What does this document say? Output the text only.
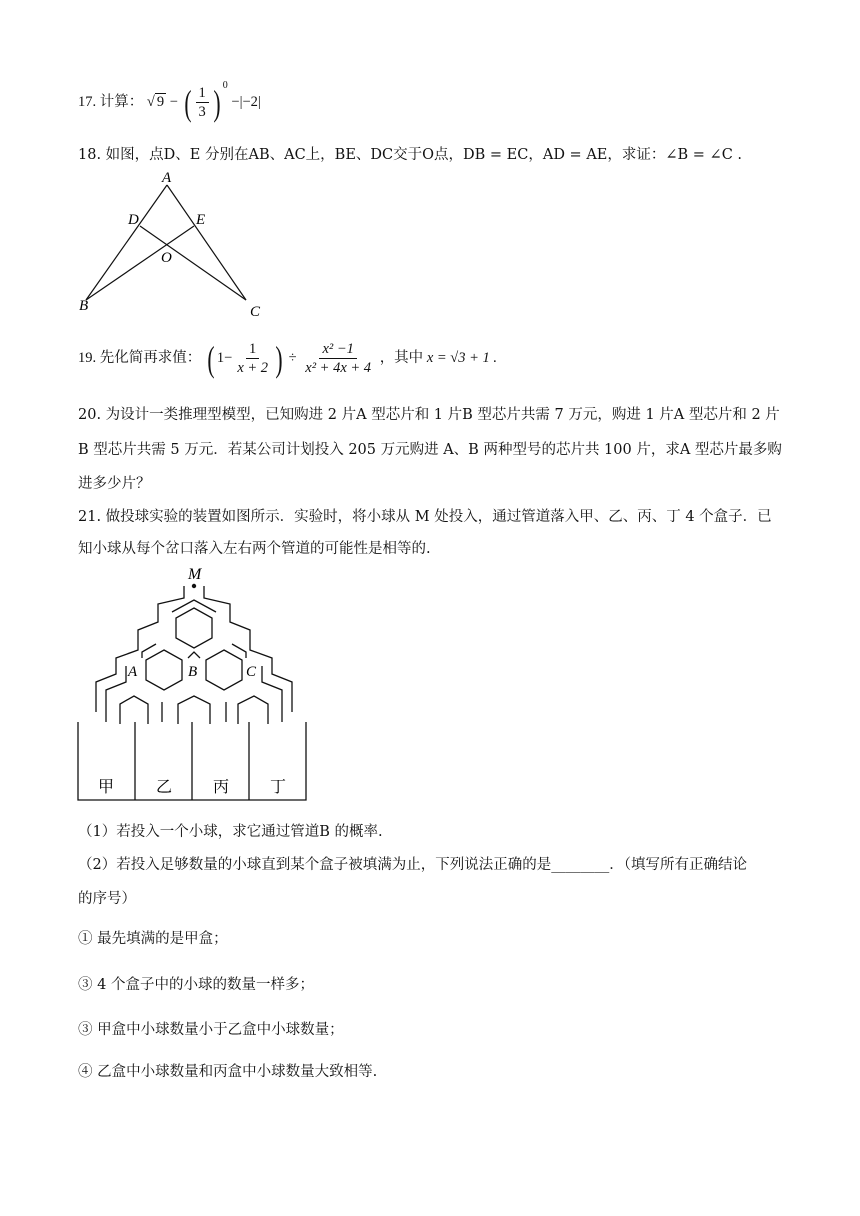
17. 计算： √ 9 − ( $\frac{1}{3}$ ) $^0$ −|−2|
18. 如图，点D、E 分别在AB、AC上，BE、DC交于O点，DB = EC，AD = AE，求证：∠B = ∠C .
A
D	E
O
B	C
19. 先化简再求值： ( $1- \frac{1}{x + 2}$ ) ÷ $\frac{\text{x² −1}}{\text{x² + 4x + 4}}$ ，其中 x = √3 + 1 .
20. 为设计一类推理型模型，已知购进 2 片A 型芯片和 1 片B 型芯片共需 7 万元，购进 1 片A 型芯片和 2 片
B 型芯片共需 5 万元．若某公司计划投入 205 万元购进 A、B 两种型号的芯片共 100 片，求A 型芯片最多购
进多少片？
21. 做投球实验的装置如图所示．实验时，将小球从 M 处投入，通过管道落入甲、乙、丙、丁 4 个盒子．已
知小球从每个岔口落入左右两个管道的可能性是相等的.
M
A	B	C
甲	乙	丙	丁
（1）若投入一个小球，求它通过管道B 的概率.
（2）若投入足够数量的小球直到某个盒子被填满为止，下列说法正确的是________．（填写所有正确结论
的序号）
① 最先填满的是甲盒；
③ 4 个盒子中的小球的数量一样多；
③ 甲盒中小球数量小于乙盒中小球数量；
④ 乙盒中小球数量和丙盒中小球数量大致相等.
